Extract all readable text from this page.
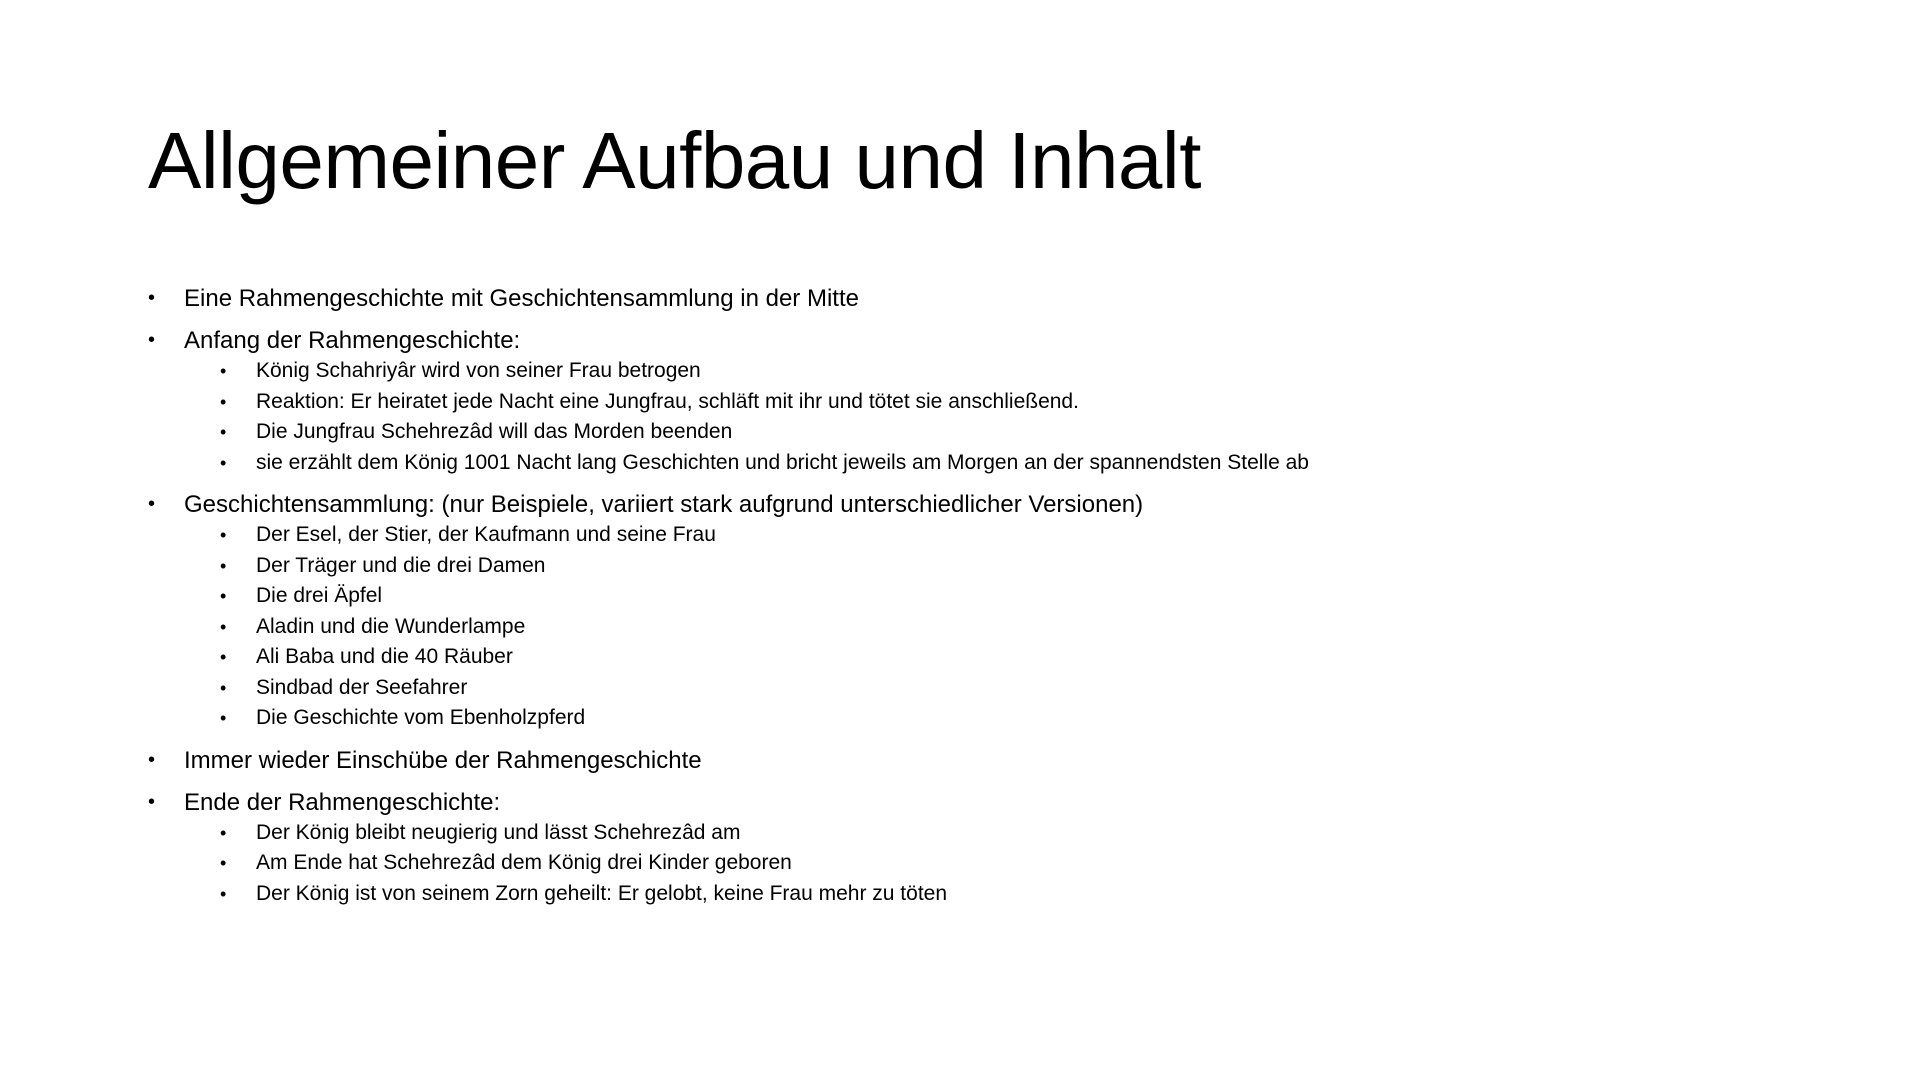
Allgemeiner Aufbau und Inhalt
• Eine Rahmengeschichte mit Geschichtensammlung in der Mitte
• Anfang der Rahmengeschichte:
• König Schahriyâr wird von seiner Frau betrogen
• Reaktion: Er heiratet jede Nacht eine Jungfrau, schläft mit ihr und tötet sie anschließend.
• Die Jungfrau Schehrezâd will das Morden beenden
• sie erzählt dem König 1001 Nacht lang Geschichten und bricht jeweils am Morgen an der spannendsten Stelle ab
• Geschichtensammlung: (nur Beispiele, variiert stark aufgrund unterschiedlicher Versionen)
• Der Esel, der Stier, der Kaufmann und seine Frau
• Der Träger und die drei Damen
• Die drei Äpfel
• Aladin und die Wunderlampe
• Ali Baba und die 40 Räuber
• Sindbad der Seefahrer
• Die Geschichte vom Ebenholzpferd
• Immer wieder Einschübe der Rahmengeschichte
• Ende der Rahmengeschichte:
• Der König bleibt neugierig und lässt Schehrezâd am
• Am Ende hat Schehrezâd dem König drei Kinder geboren
• Der König ist von seinem Zorn geheilt: Er gelobt, keine Frau mehr zu töten
